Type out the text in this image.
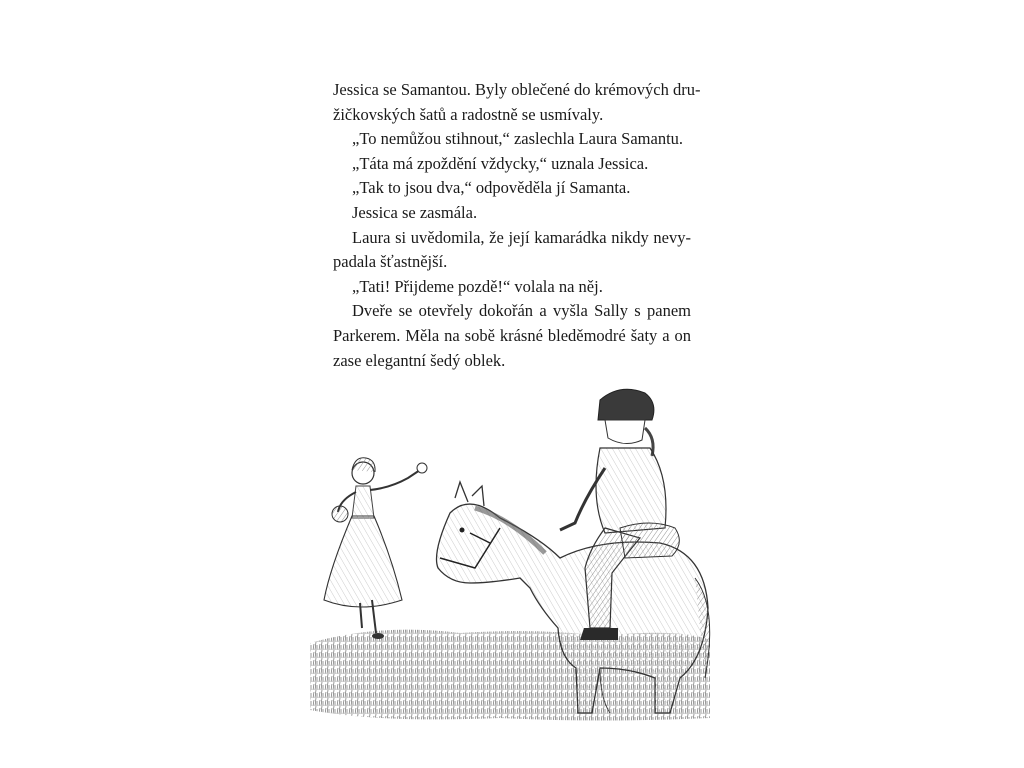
Jessica se Samantou. Byly oblečené do krémových dru-
žičkovských šatů a radostně se usmívaly.
„To nemůžou stihnout,“ zaslechla Laura Samantu.
„Táta má zpoždění vždycky,“ uznala Jessica.
„Tak to jsou dva,“ odpověděla jí Samanta.
Jessica se zasmála.
Laura si uvědomila, že její kamarádka nikdy nevy-
padala šťastnější.
„Tati! Přijdeme pozdě!“ volala na něj.
Dveře se otevřely dokořán a vyšla Sally s panem
Parkerem. Měla na sobě krásné bleděmodré šaty a on
zase elegantní šedý oblek.
